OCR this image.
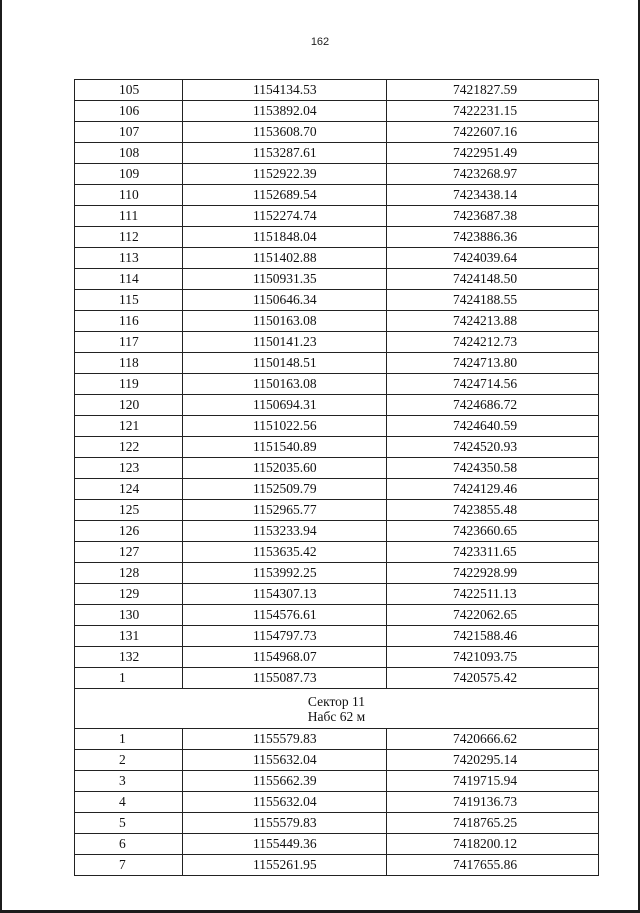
162
105	1154134.53	7421827.59
106	1153892.04	7422231.15
107	1153608.70	7422607.16
108	1153287.61	7422951.49
109	1152922.39	7423268.97
110	1152689.54	7423438.14
111	1152274.74	7423687.38
112	1151848.04	7423886.36
113	1151402.88	7424039.64
114	1150931.35	7424148.50
115	1150646.34	7424188.55
116	1150163.08	7424213.88
117	1150141.23	7424212.73
118	1150148.51	7424713.80
119	1150163.08	7424714.56
120	1150694.31	7424686.72
121	1151022.56	7424640.59
122	1151540.89	7424520.93
123	1152035.60	7424350.58
124	1152509.79	7424129.46
125	1152965.77	7423855.48
126	1153233.94	7423660.65
127	1153635.42	7423311.65
128	1153992.25	7422928.99
129	1154307.13	7422511.13
130	1154576.61	7422062.65
131	1154797.73	7421588.46
132	1154968.07	7421093.75
1	1155087.73	7420575.42

Сектор 11
Набс 62 м		

1	1155579.83	7420666.62
2	1155632.04	7420295.14
3	1155662.39	7419715.94
4	1155632.04	7419136.73
5	1155579.83	7418765.25
6	1155449.36	7418200.12
7	1155261.95	7417655.86
